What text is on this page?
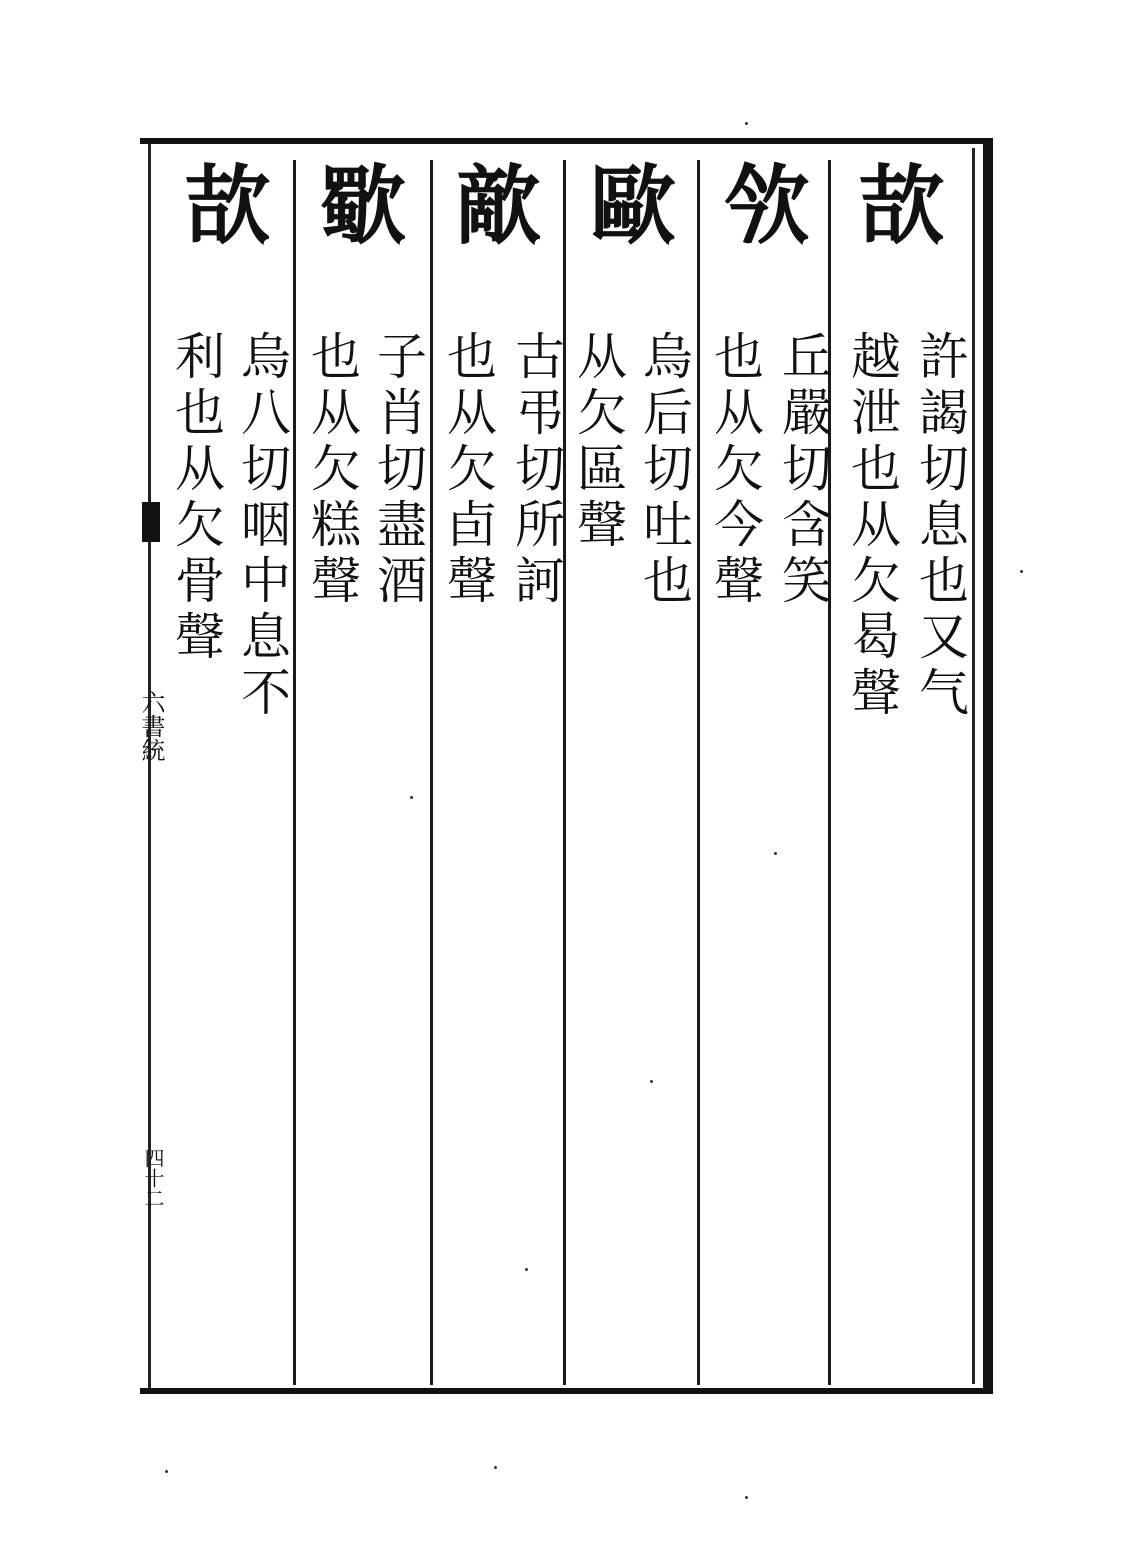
六書統
四十二
欯
許謁切息也又气
越泄也从欠曷聲
欦
丘嚴切含笑
也从欠今聲
歐
烏后切吐也
从欠區聲
歒
古弔切所訶
也从欠卣聲
歜
子肖切盡酒
也从欠糕聲
欯
烏八切咽中息不
利也从欠骨聲
